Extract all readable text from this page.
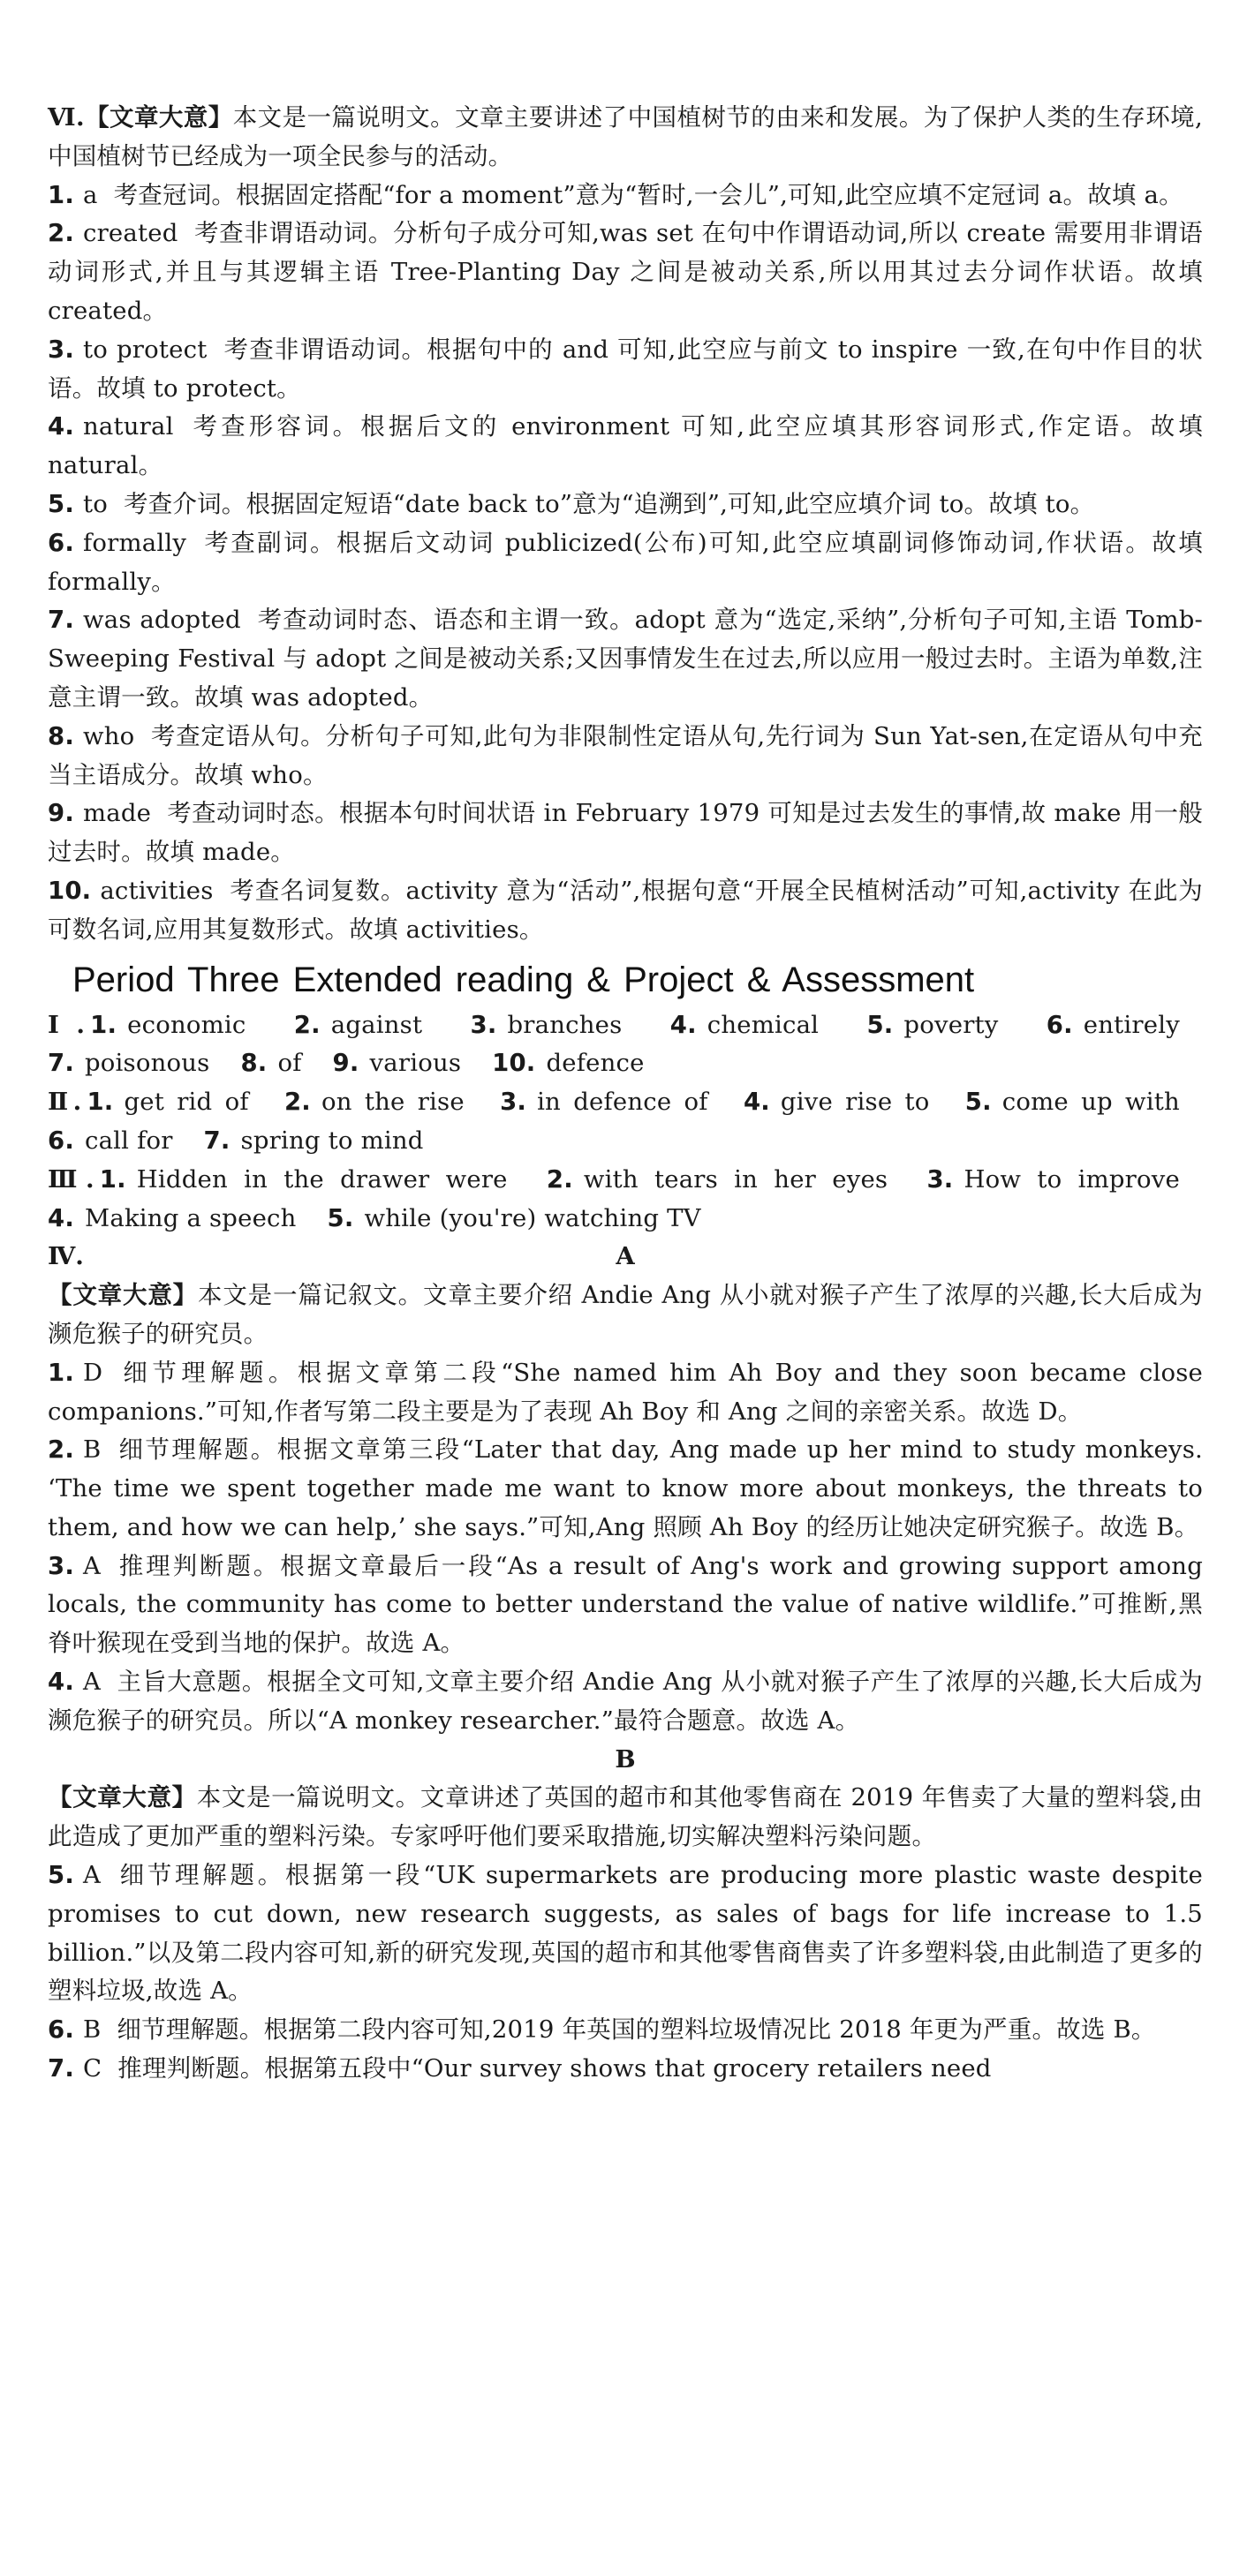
Ⅵ.【文章大意】本文是一篇说明文。文章主要讲述了中国植树节的由来和发展。为了保护人类的生存环境,中国植树节已经成为一项全民参与的活动。

1. a 考查冠词。根据固定搭配“for a moment”意为“暂时,一会儿”,可知,此空应填不定冠词 a。故填 a。

2. created 考查非谓语动词。分析句子成分可知,was set 在句中作谓语动词,所以 create 需要用非谓语动词形式,并且与其逻辑主语 Tree-Planting Day 之间是被动关系,所以用其过去分词作状语。故填 created。

3. to protect 考查非谓语动词。根据句中的 and 可知,此空应与前文 to inspire 一致,在句中作目的状语。故填 to protect。

4. natural 考查形容词。根据后文的 environment 可知,此空应填其形容词形式,作定语。故填 natural。

5. to 考查介词。根据固定短语“date back to”意为“追溯到”,可知,此空应填介词 to。故填 to。

6. formally 考查副词。根据后文动词 publicized(公布)可知,此空应填副词修饰动词,作状语。故填 formally。

7. was adopted 考查动词时态、语态和主谓一致。adopt 意为“选定,采纳”,分析句子可知,主语 Tomb-Sweeping Festival 与 adopt 之间是被动关系;又因事情发生在过去,所以应用一般过去时。主语为单数,注意主谓一致。故填 was adopted。

8. who 考查定语从句。分析句子可知,此句为非限制性定语从句,先行词为 Sun Yat-sen,在定语从句中充当主语成分。故填 who。

9. made 考查动词时态。根据本句时间状语 in February 1979 可知是过去发生的事情,故 make 用一般过去时。故填 made。

10. activities 考查名词复数。activity 意为“活动”,根据句意“开展全民植树活动”可知,activity 在此为可数名词,应用其复数形式。故填 activities。

Period Three Extended reading & Project & Assessment

Ⅰ. 1. economic 2. against 3. branches 4. chemical 5. poverty 6. entirely 7. poisonous 8. of 9. various 10. defence

Ⅱ. 1. get rid of 2. on the rise 3. in defence of 4. give rise to 5. come up with 6. call for 7. spring to mind

Ⅲ. 1. Hidden in the drawer were 2. with tears in her eyes 3. How to improve 4. Making a speech 5. while (you're) watching TV

Ⅳ.	A

【文章大意】本文是一篇记叙文。文章主要介绍 Andie Ang 从小就对猴子产生了浓厚的兴趣,长大后成为濒危猴子的研究员。

1. D 细节理解题。根据文章第二段“She named him Ah Boy and they soon became close companions.”可知,作者写第二段主要是为了表现 Ah Boy 和 Ang 之间的亲密关系。故选 D。

2. B 细节理解题。根据文章第三段“Later that day, Ang made up her mind to study monkeys. ‘The time we spent together made me want to know more about monkeys, the threats to them, and how we can help,’ she says.”可知,Ang 照顾 Ah Boy 的经历让她决定研究猴子。故选 B。

3. A 推理判断题。根据文章最后一段“As a result of Ang's work and growing support among locals, the community has come to better understand the value of native wildlife.”可推断,黑脊叶猴现在受到当地的保护。故选 A。

4. A 主旨大意题。根据全文可知,文章主要介绍 Andie Ang 从小就对猴子产生了浓厚的兴趣,长大后成为濒危猴子的研究员。所以“A monkey researcher.”最符合题意。故选 A。

B

【文章大意】本文是一篇说明文。文章讲述了英国的超市和其他零售商在 2019 年售卖了大量的塑料袋,由此造成了更加严重的塑料污染。专家呼吁他们要采取措施,切实解决塑料污染问题。

5. A 细节理解题。根据第一段“UK supermarkets are producing more plastic waste despite promises to cut down, new research suggests, as sales of bags for life increase to 1.5 billion.”以及第二段内容可知,新的研究发现,英国的超市和其他零售商售卖了许多塑料袋,由此制造了更多的塑料垃圾,故选 A。

6. B 细节理解题。根据第二段内容可知,2019 年英国的塑料垃圾情况比 2018 年更为严重。故选 B。

7. C 推理判断题。根据第五段中“Our survey shows that grocery retailers need
